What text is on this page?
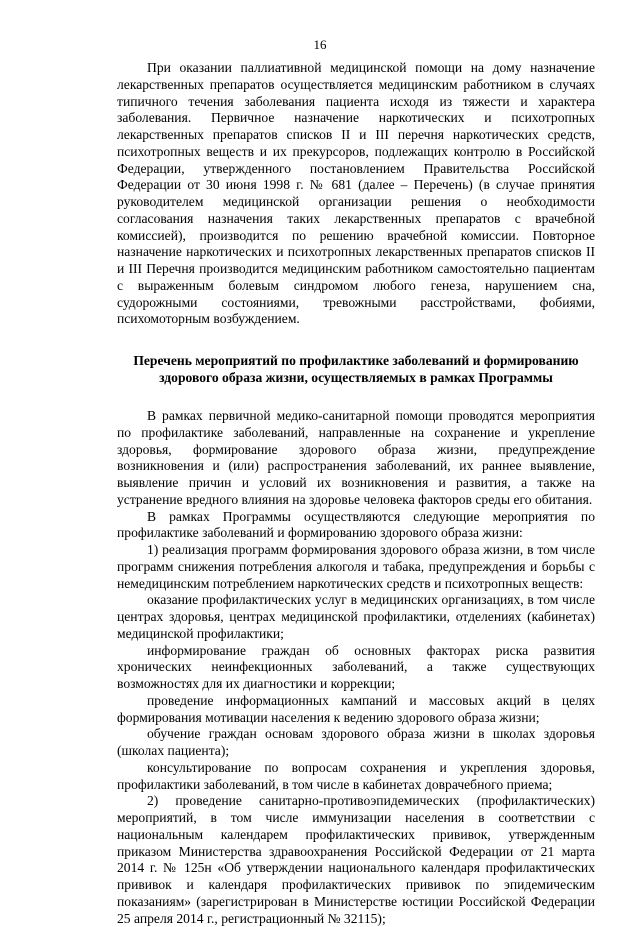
16

При оказании паллиативной медицинской помощи на дому назначение лекарственных препаратов осуществляется медицинским работником в случаях типичного течения заболевания пациента исходя из тяжести и характера заболевания. Первичное назначение наркотических и психотропных лекарственных препаратов списков II и III перечня наркотических средств, психотропных веществ и их прекурсоров, подлежащих контролю в Российской Федерации, утвержденного постановлением Правительства Российской Федерации от 30 июня 1998 г. № 681 (далее – Перечень) (в случае принятия руководителем медицинской организации решения о необходимости согласования назначения таких лекарственных препаратов с врачебной комиссией), производится по решению врачебной комиссии. Повторное назначение наркотических и психотропных лекарственных препаратов списков II и III Перечня производится медицинским работником самостоятельно пациентам с выраженным болевым синдромом любого генеза, нарушением сна, судорожными состояниями, тревожными расстройствами, фобиями, психомоторным возбуждением.

Перечень мероприятий по профилактике заболеваний и формированию здорового образа жизни, осуществляемых в рамках Программы

В рамках первичной медико-санитарной помощи проводятся мероприятия по профилактике заболеваний, направленные на сохранение и укрепление здоровья, формирование здорового образа жизни, предупреждение возникновения и (или) распространения заболеваний, их раннее выявление, выявление причин и условий их возникновения и развития, а также на устранение вредного влияния на здоровье человека факторов среды его обитания.

В рамках Программы осуществляются следующие мероприятия по профилактике заболеваний и формированию здорового образа жизни:

1) реализация программ формирования здорового образа жизни, в том числе программ снижения потребления алкоголя и табака, предупреждения и борьбы с немедицинским потреблением наркотических средств и психотропных веществ:

оказание профилактических услуг в медицинских организациях, в том числе центрах здоровья, центрах медицинской профилактики, отделениях (кабинетах) медицинской профилактики;

информирование граждан об основных факторах риска развития хронических неинфекционных заболеваний, а также существующих возможностях для их диагностики и коррекции;

проведение информационных кампаний и массовых акций в целях формирования мотивации населения к ведению здорового образа жизни;

обучение граждан основам здорового образа жизни в школах здоровья (школах пациента);

консультирование по вопросам сохранения и укрепления здоровья, профилактики заболеваний, в том числе в кабинетах доврачебного приема;

2) проведение санитарно-противоэпидемических (профилактических) мероприятий, в том числе иммунизации населения в соответствии с национальным календарем профилактических прививок, утвержденным приказом Министерства здравоохранения Российской Федерации от 21 марта 2014 г. № 125н «Об утверждении национального календаря профилактических прививок и календаря профилактических прививок по эпидемическим показаниям» (зарегистрирован в Министерстве юстиции Российской Федерации 25 апреля 2014 г., регистрационный № 32115);
